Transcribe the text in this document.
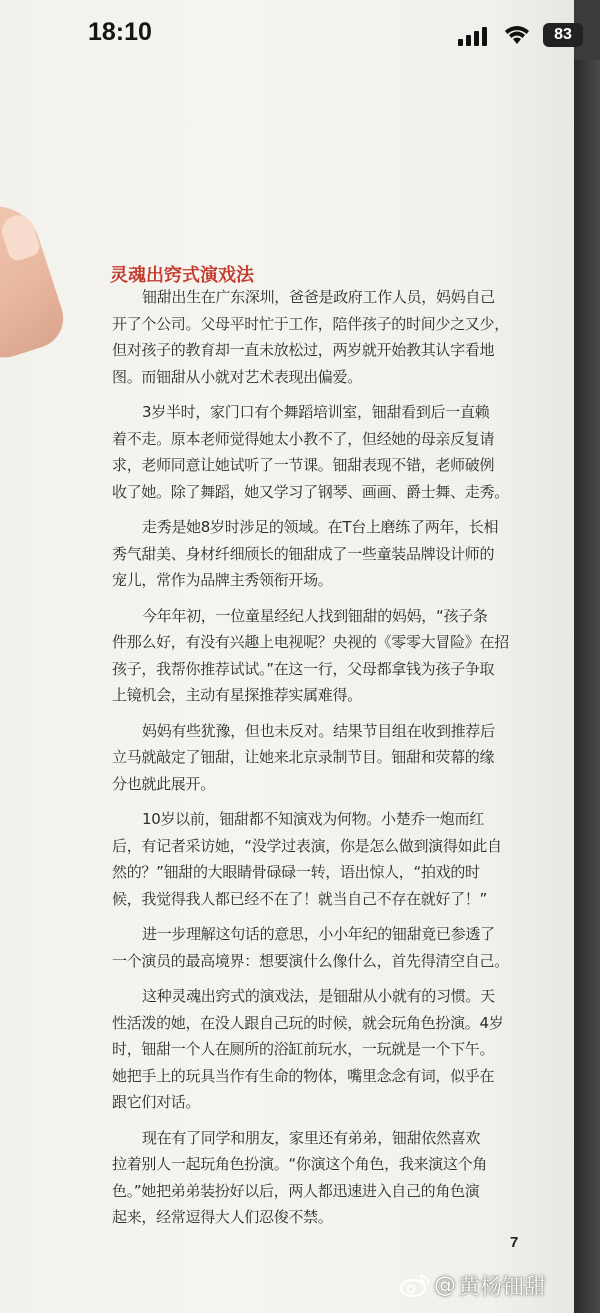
灵魂出窍式演戏法
钿甜出生在广东深圳，爸爸是政府工作人员，妈妈自己
开了个公司。父母平时忙于工作，陪伴孩子的时间少之又少，
但对孩子的教育却一直未放松过，两岁就开始教其认字看地
图。而钿甜从小就对艺术表现出偏爱。
3岁半时，家门口有个舞蹈培训室，钿甜看到后一直赖
着不走。原本老师觉得她太小教不了，但经她的母亲反复请
求，老师同意让她试听了一节课。钿甜表现不错，老师破例
收了她。除了舞蹈，她又学习了钢琴、画画、爵士舞、走秀。
走秀是她8岁时涉足的领域。在T台上磨练了两年，长相
秀气甜美、身材纤细颀长的钿甜成了一些童装品牌设计师的
宠儿，常作为品牌主秀领衔开场。
今年年初，一位童星经纪人找到钿甜的妈妈，“孩子条
件那么好，有没有兴趣上电视呢？央视的《零零大冒险》在招
孩子，我帮你推荐试试。”在这一行，父母都拿钱为孩子争取
上镜机会，主动有星探推荐实属难得。
妈妈有些犹豫，但也未反对。结果节目组在收到推荐后
立马就敲定了钿甜，让她来北京录制节目。钿甜和荧幕的缘
分也就此展开。
10岁以前，钿甜都不知演戏为何物。小楚乔一炮而红
后，有记者采访她，“没学过表演，你是怎么做到演得如此自
然的？”钿甜的大眼睛骨碌碌一转，语出惊人，“拍戏的时
候，我觉得我人都已经不在了！就当自己不存在就好了！”
进一步理解这句话的意思，小小年纪的钿甜竟已参透了
一个演员的最高境界：想要演什么像什么，首先得清空自己。
这种灵魂出窍式的演戏法，是钿甜从小就有的习惯。天
性活泼的她，在没人跟自己玩的时候，就会玩角色扮演。4岁
时，钿甜一个人在厕所的浴缸前玩水，一玩就是一个下午。
她把手上的玩具当作有生命的物体，嘴里念念有词，似乎在
跟它们对话。
现在有了同学和朋友，家里还有弟弟，钿甜依然喜欢
拉着别人一起玩角色扮演。“你演这个角色，我来演这个角
色。”她把弟弟装扮好以后，两人都迅速进入自己的角色演
起来，经常逗得大人们忍俊不禁。
7
18:10	83
@ 黄杨钿甜
